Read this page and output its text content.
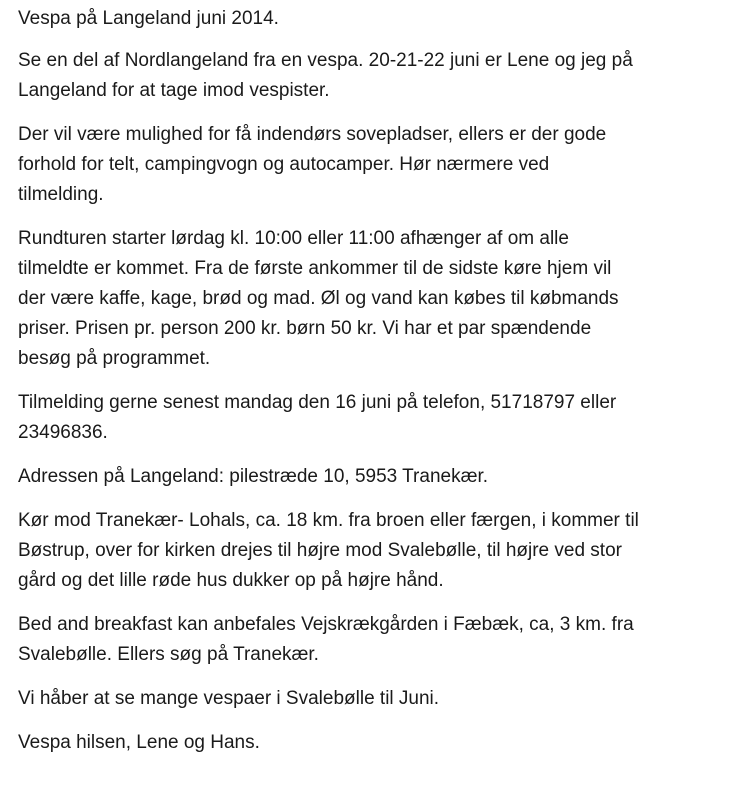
Vespa på Langeland juni 2014.

Se en del af Nordlangeland fra en vespa. 20-21-22 juni er Lene og jeg på
Langeland for at tage imod vespister.

Der vil være mulighed for få indendørs sovepladser, ellers er der gode
forhold for telt, campingvogn og autocamper. Hør nærmere ved
tilmelding.

Rundturen starter lørdag kl. 10:00 eller 11:00 afhænger af om alle
tilmeldte er kommet. Fra de første ankommer til de sidste køre hjem vil
der være kaffe, kage, brød og mad. Øl og vand kan købes til købmands
priser. Prisen pr. person 200 kr. børn 50 kr. Vi har et par spændende
besøg på programmet.

Tilmelding gerne senest mandag den 16 juni på telefon, 51718797 eller
23496836.

Adressen på Langeland: pilestræde 10, 5953 Tranekær.

Kør mod Tranekær- Lohals, ca. 18 km. fra broen eller færgen, i kommer til
Bøstrup, over for kirken drejes til højre mod Svalebølle, til højre ved stor
gård og det lille røde hus dukker op på højre hånd.

Bed and breakfast kan anbefales Vejskrækgården i Fæbæk, ca, 3 km. fra
Svalebølle. Ellers søg på Tranekær.

Vi håber at se mange vespaer i Svalebølle til Juni.

Vespa hilsen, Lene og Hans.
